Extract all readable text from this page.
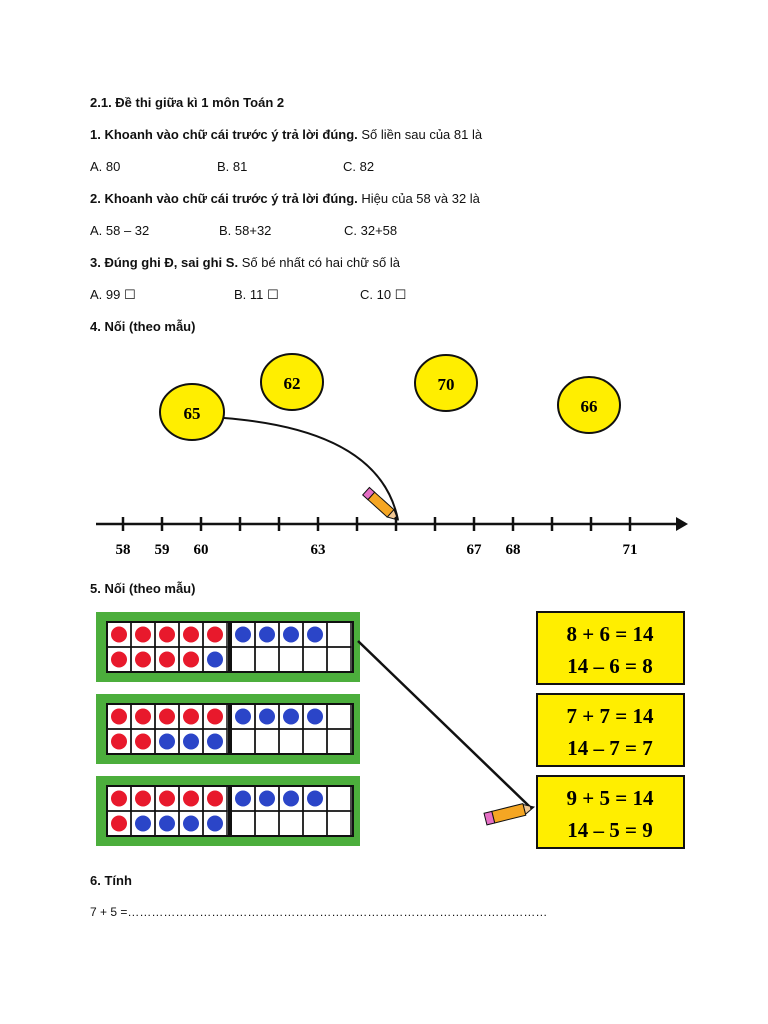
2.1. Đề thi giữa kì 1 môn Toán 2
1. Khoanh vào chữ cái trước ý trả lời đúng. Số liền sau của 81 là
A. 80	B. 81	C. 82
2. Khoanh vào chữ cái trước ý trả lời đúng. Hiệu của 58 và 32 là
A. 58 – 32	B. 58+32	C. 32+58
3. Đúng ghi Đ, sai ghi S. Số bé nhất có hai chữ số là
A. 99 ☐	B. 11 ☐	C. 10 ☐
4. Nối (theo mẫu)
65
62	70
66
58 59 60	63	67 68	71
5. Nối (theo mẫu)
8 + 6 = 14
14 – 6 = 8
7 + 7 = 14
14 – 7 = 7
9 + 5 = 14
14 – 5 = 9
6. Tính
7 + 5 =……………………………………………………………………………………………
